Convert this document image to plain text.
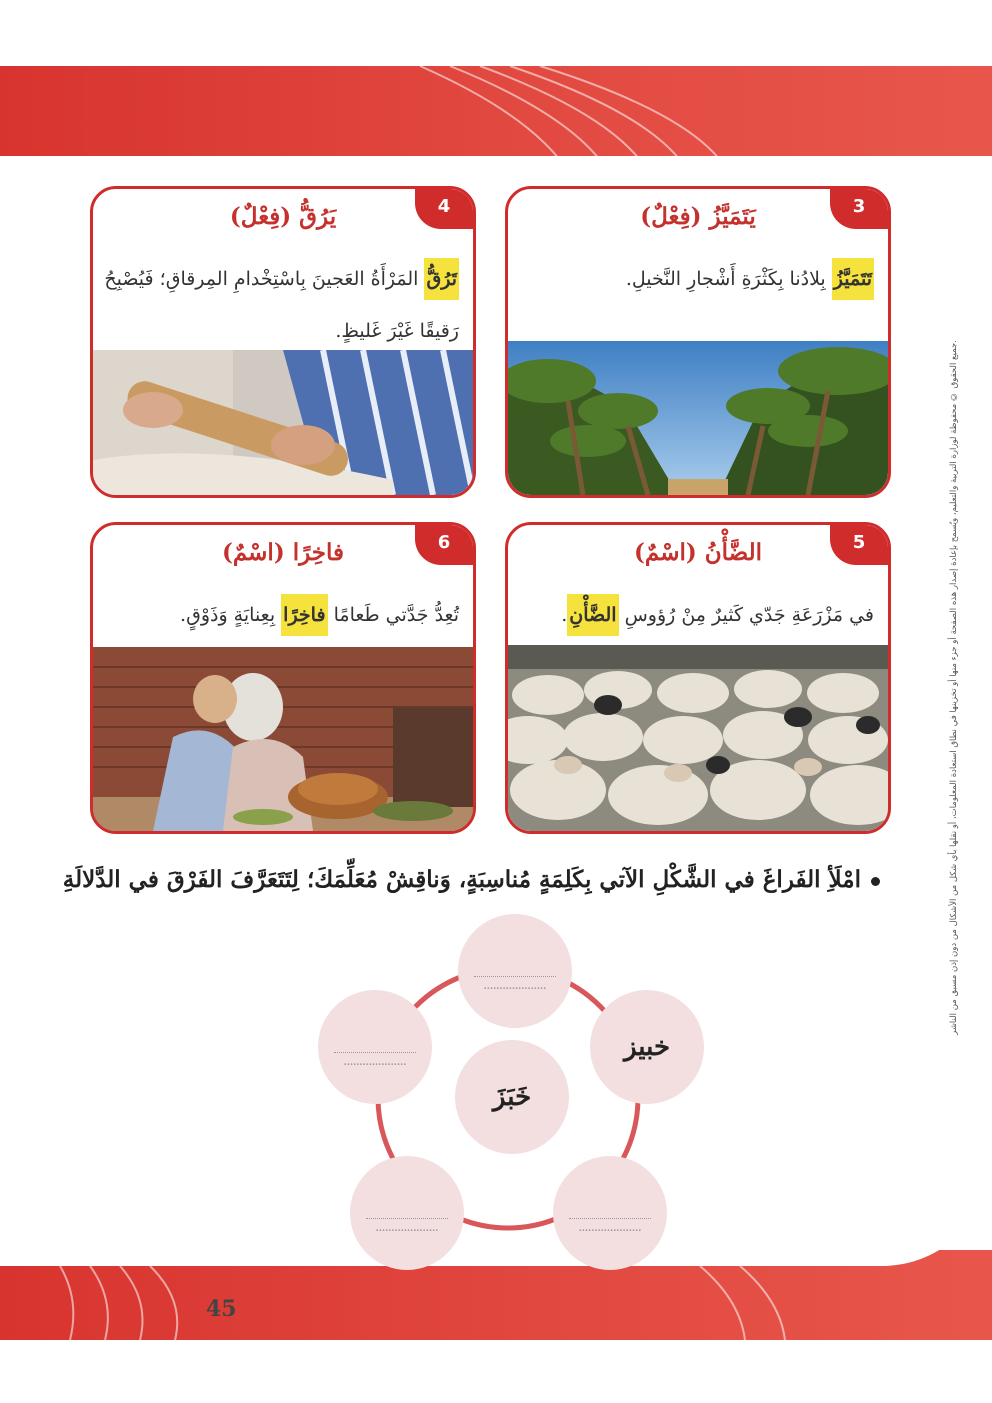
3
يَتَمَيَّزُ (فِعْلٌ)
تَتَمَيَّزُ بِلادُنا بِكَثْرَةِ أَشْجارِ النَّخيلِ.
4
يَرُقُّ (فِعْلٌ)
تَرُقُّ المَرْأَةُ العَجينَ بِاسْتِخْدامِ المِرقاقِ؛ فَيُصْبِحُ رَقيقًا غَيْرَ غَليظٍ.
5
الضَّأْنُ (اسْمٌ)
في مَزْرَعَةِ جَدّي كَثيرٌ مِنْ رُؤوسِ الضَّأْنِ.
6
فاخِرًا (اسْمٌ)
تُعِدُّ جَدَّتي طَعامًا فاخِرًا بِعِنايَةٍ وَذَوْقٍ.
امْلَأِ الفَراغَ في الشَّكْلِ الآتي بِكَلِمَةٍ مُناسِبَةٍ، وَناقِشْ مُعَلِّمَكَ؛ لِتَتَعَرَّفَ الفَرْقَ في الدَّلالَةِ
خَبَزَ
....................
خبيز
....................
....................	....................
جميع الحقوق © محفوظة لوزارة التربية والتعليم، ويُسمح بإعادة إصدار هذه الصفحة أو جزء منها أو تخزينها في نطاق استعادة المعلومات، أو نقلها بأي شكل من الأشكال من دون إذن مسبق من الناشر.
45
